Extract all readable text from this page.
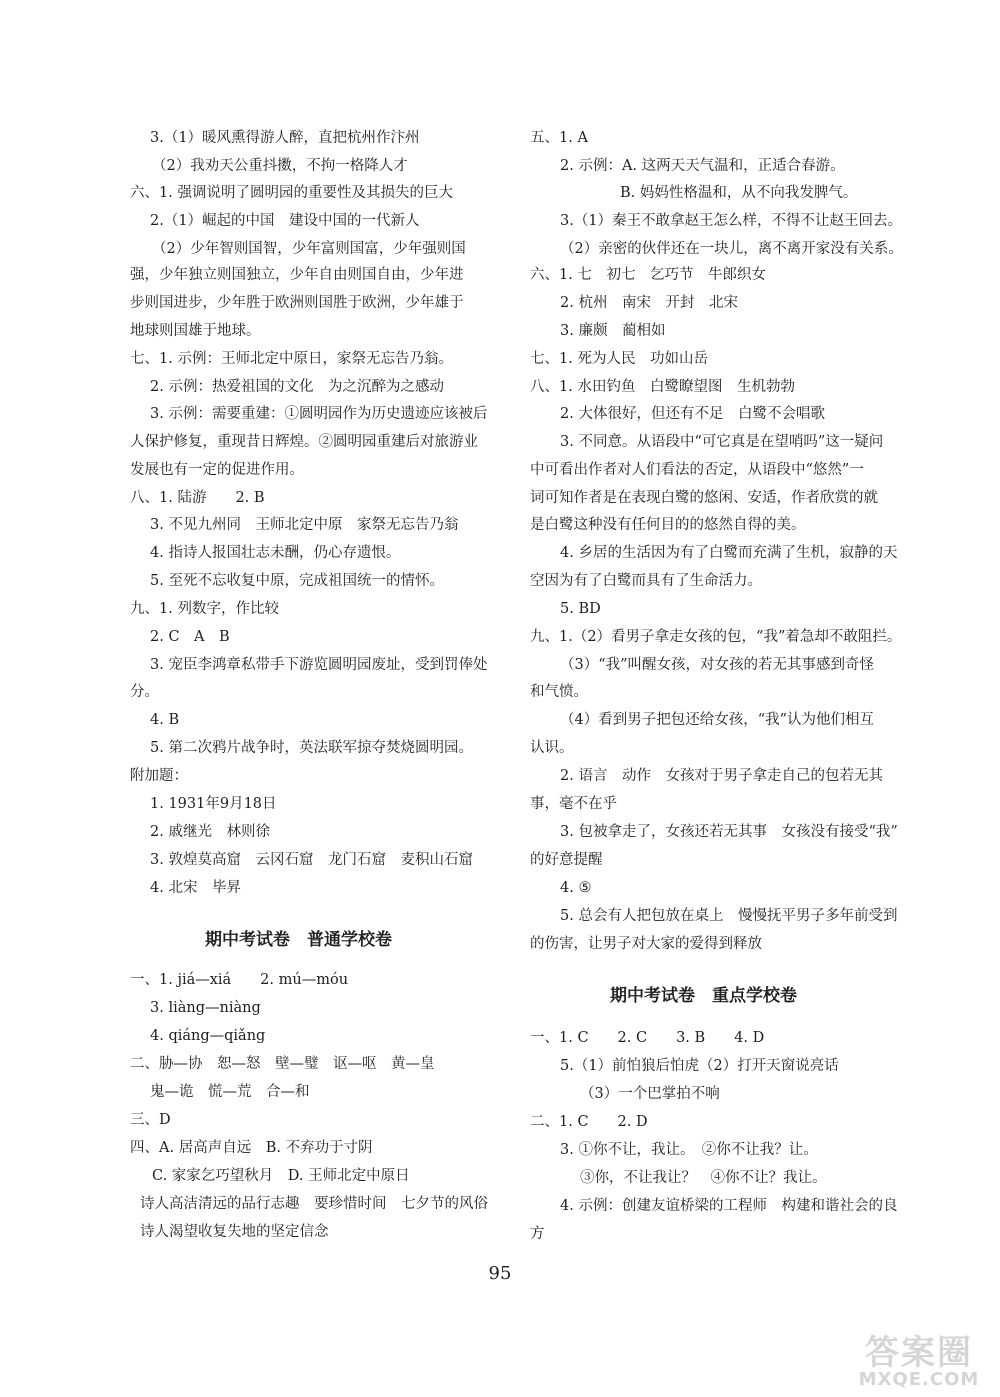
3.（1）暖风熏得游人醉，直把杭州作汴州
（2）我劝天公重抖擞，不拘一格降人才
六、1. 强调说明了圆明园的重要性及其损失的巨大
2.（1）崛起的中国　建设中国的一代新人
（2）少年智则国智，少年富则国富，少年强则国
强，少年独立则国独立，少年自由则国自由，少年进
步则国进步，少年胜于欧洲则国胜于欧洲，少年雄于
地球则国雄于地球。
七、1. 示例：王师北定中原日，家祭无忘告乃翁。
2. 示例：热爱祖国的文化　为之沉醉为之感动
3. 示例：需要重建：①圆明园作为历史遗迹应该被后
人保护修复，重现昔日辉煌。②圆明园重建后对旅游业
发展也有一定的促进作用。
八、1. 陆游　　2. B
3. 不见九州同　王师北定中原　家祭无忘告乃翁
4. 指诗人报国壮志未酬，仍心存遗恨。
5. 至死不忘收复中原，完成祖国统一的情怀。
九、1. 列数字，作比较
2. C　A　B
3. 宠臣李鸿章私带手下游览圆明园废址，受到罚俸处
分。
4. B
5. 第二次鸦片战争时，英法联军掠夺焚烧圆明园。
附加题：
1. 1931年9月18日
2. 戚继光　林则徐
3. 敦煌莫高窟　云冈石窟　龙门石窟　麦积山石窟
4. 北宋　毕昇
期中考试卷　普通学校卷
一、1. jiá—xiá　　2. mú—móu
3. liàng—niàng
4. qiáng—qiǎng
二、胁—协　恕—怒　壁—璧　讴—呕　黄—皇
鬼—诡　慌—荒　合—和
三、D
四、A. 居高声自远　B. 不弃功于寸阴
C. 家家乞巧望秋月　D. 王师北定中原日
诗人高洁清远的品行志趣　要珍惜时间　七夕节的风俗
诗人渴望收复失地的坚定信念
五、1. A
2. 示例：A. 这两天天气温和，正适合春游。
B. 妈妈性格温和，从不向我发脾气。
3.（1）秦王不敢拿赵王怎么样，不得不让赵王回去。
（2）亲密的伙伴还在一块儿，离不离开家没有关系。
六、1. 七　初七　乞巧节　牛郎织女
2. 杭州　南宋　开封　北宋
3. 廉颇　蔺相如
七、1. 死为人民　功如山岳
八、1. 水田钓鱼　白鹭瞭望图　生机勃勃
2. 大体很好，但还有不足　白鹭不会唱歌
3. 不同意。从语段中“可它真是在望哨吗”这一疑问
中可看出作者对人们看法的否定，从语段中“悠然”一
词可知作者是在表现白鹭的悠闲、安适，作者欣赏的就
是白鹭这种没有任何目的的悠然自得的美。
4. 乡居的生活因为有了白鹭而充满了生机，寂静的天
空因为有了白鹭而具有了生命活力。
5. BD
九、1.（2）看男子拿走女孩的包，“我”着急却不敢阻拦。
（3）“我”叫醒女孩，对女孩的若无其事感到奇怪
和气愤。
（4）看到男子把包还给女孩，“我”认为他们相互
认识。
2. 语言　动作　女孩对于男子拿走自己的包若无其
事，毫不在乎
3. 包被拿走了，女孩还若无其事　女孩没有接受“我”
的好意提醒
4. ⑤
5. 总会有人把包放在桌上　慢慢抚平男子多年前受到
的伤害，让男子对大家的爱得到释放
期中考试卷　重点学校卷
一、1. C　　2. C　　3. B　　4. D
5.（1）前怕狼后怕虎（2）打开天窗说亮话
（3）一个巴掌拍不响
二、1. C　　2. D
3. ①你不让，我让。　②你不让我？让。
③你，不让我让？　④你不让？我让。
4. 示例：创建友谊桥梁的工程师　构建和谐社会的良
方
95
答案圈
MXQE.COM
